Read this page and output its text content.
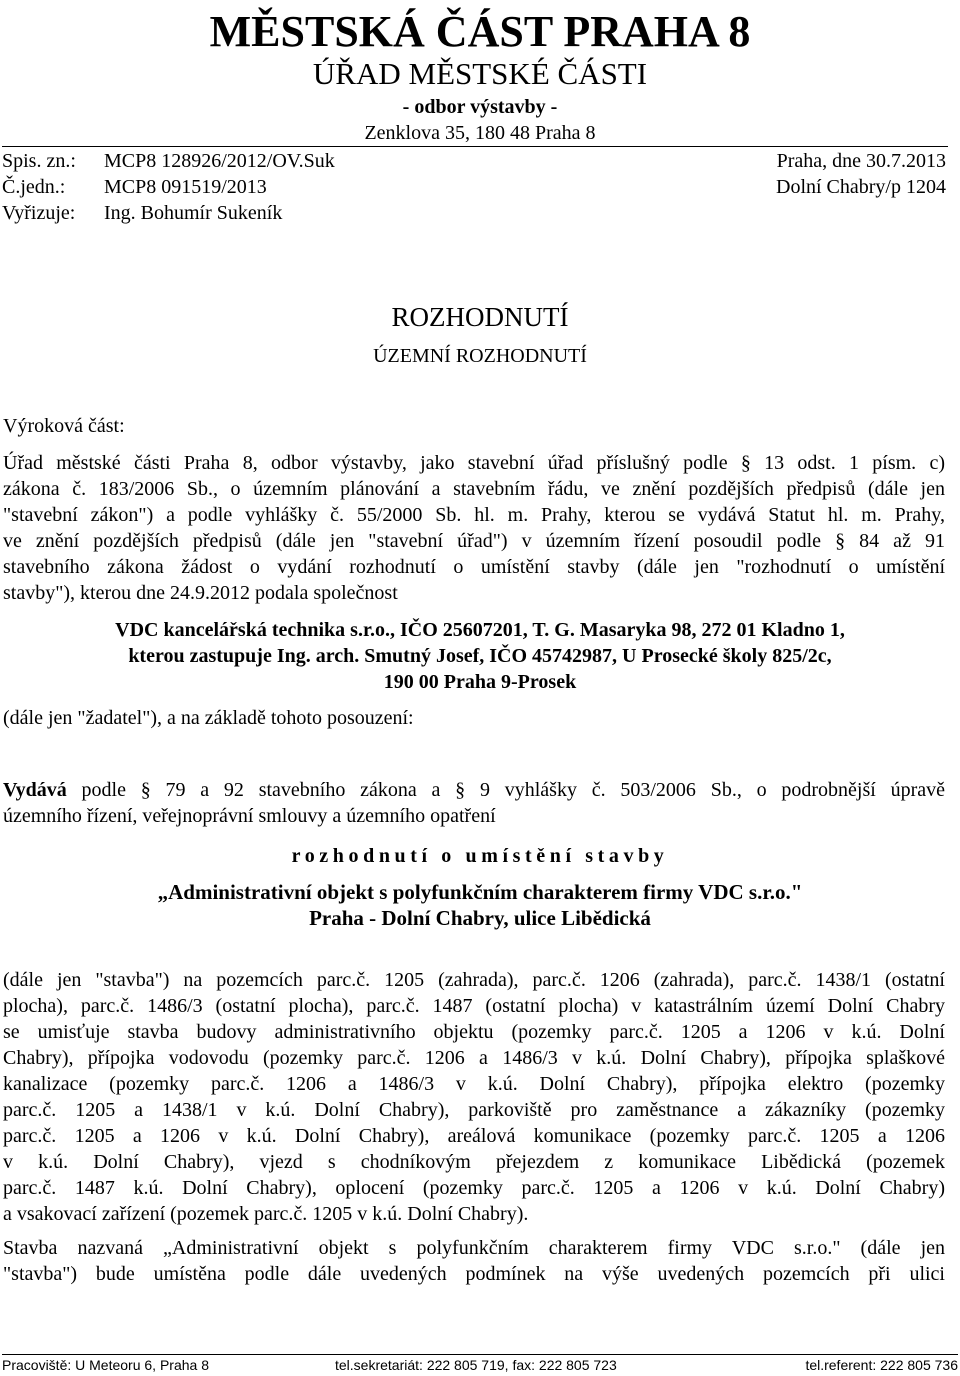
MĚSTSKÁ ČÁST PRAHA 8
ÚŘAD MĚSTSKÉ ČÁSTI
- odbor výstavby -
Zenklova 35, 180 48 Praha 8
Spis. zn.: MCP8 128926/2012/OV.Suk	Praha, dne 30.7.2013
Č.jedn.: MCP8 091519/2013	Dolní Chabry/p 1204
Vyřizuje: Ing. Bohumír Sukeník
ROZHODNUTÍ
ÚZEMNÍ ROZHODNUTÍ
Výroková část:
Úřad městské části Praha 8, odbor výstavby, jako stavební úřad příslušný podle § 13 odst. 1 písm. c)
zákona č. 183/2006 Sb., o územním plánování a stavebním řádu, ve znění pozdějších předpisů (dále jen
"stavební zákon") a podle vyhlášky č. 55/2000 Sb. hl. m. Prahy, kterou se vydává Statut hl. m. Prahy,
ve znění pozdějších předpisů (dále jen "stavební úřad") v územním řízení posoudil podle § 84 až 91
stavebního zákona žádost o vydání rozhodnutí o umístění stavby (dále jen "rozhodnutí o umístění
stavby"), kterou dne 24.9.2012 podala společnost
VDC kancelářská technika s.r.o., IČO 25607201, T. G. Masaryka 98, 272 01 Kladno 1,
kterou zastupuje Ing. arch. Smutný Josef, IČO 45742987, U Prosecké školy 825/2c,
190 00 Praha 9-Prosek
(dále jen "žadatel"), a na základě tohoto posouzení:
Vydává podle § 79 a 92 stavebního zákona a § 9 vyhlášky č. 503/2006 Sb., o podrobnější úpravě
územního řízení, veřejnoprávní smlouvy a územního opatření
rozhodnutí o umístění stavby
„Administrativní objekt s polyfunkčním charakterem firmy VDC s.r.o."
Praha - Dolní Chabry, ulice Libědická
(dále jen "stavba") na pozemcích parc.č. 1205 (zahrada), parc.č. 1206 (zahrada), parc.č. 1438/1 (ostatní
plocha), parc.č. 1486/3 (ostatní plocha), parc.č. 1487 (ostatní plocha) v katastrálním území Dolní Chabry
se umisťuje stavba budovy administrativního objektu (pozemky parc.č. 1205 a 1206 v k.ú. Dolní
Chabry), přípojka vodovodu (pozemky parc.č. 1206 a 1486/3 v k.ú. Dolní Chabry), přípojka splaškové
kanalizace (pozemky parc.č. 1206 a 1486/3 v k.ú. Dolní Chabry), přípojka elektro (pozemky
parc.č. 1205 a 1438/1 v k.ú. Dolní Chabry), parkoviště pro zaměstnance a zákazníky (pozemky
parc.č. 1205 a 1206 v k.ú. Dolní Chabry), areálová komunikace (pozemky parc.č. 1205 a 1206
v k.ú. Dolní Chabry), vjezd s chodníkovým přejezdem z komunikace Libědická (pozemek
parc.č. 1487 k.ú. Dolní Chabry), oplocení (pozemky parc.č. 1205 a 1206 v k.ú. Dolní Chabry)
a vsakovací zařízení (pozemek parc.č. 1205 v k.ú. Dolní Chabry).
Stavba nazvaná „Administrativní objekt s polyfunkčním charakterem firmy VDC s.r.o." (dále jen
"stavba") bude umístěna podle dále uvedených podmínek na výše uvedených pozemcích při ulici
Pracoviště: U Meteoru 6, Praha 8	tel.sekretariát: 222 805 719, fax: 222 805 723	tel.referent: 222 805 736
